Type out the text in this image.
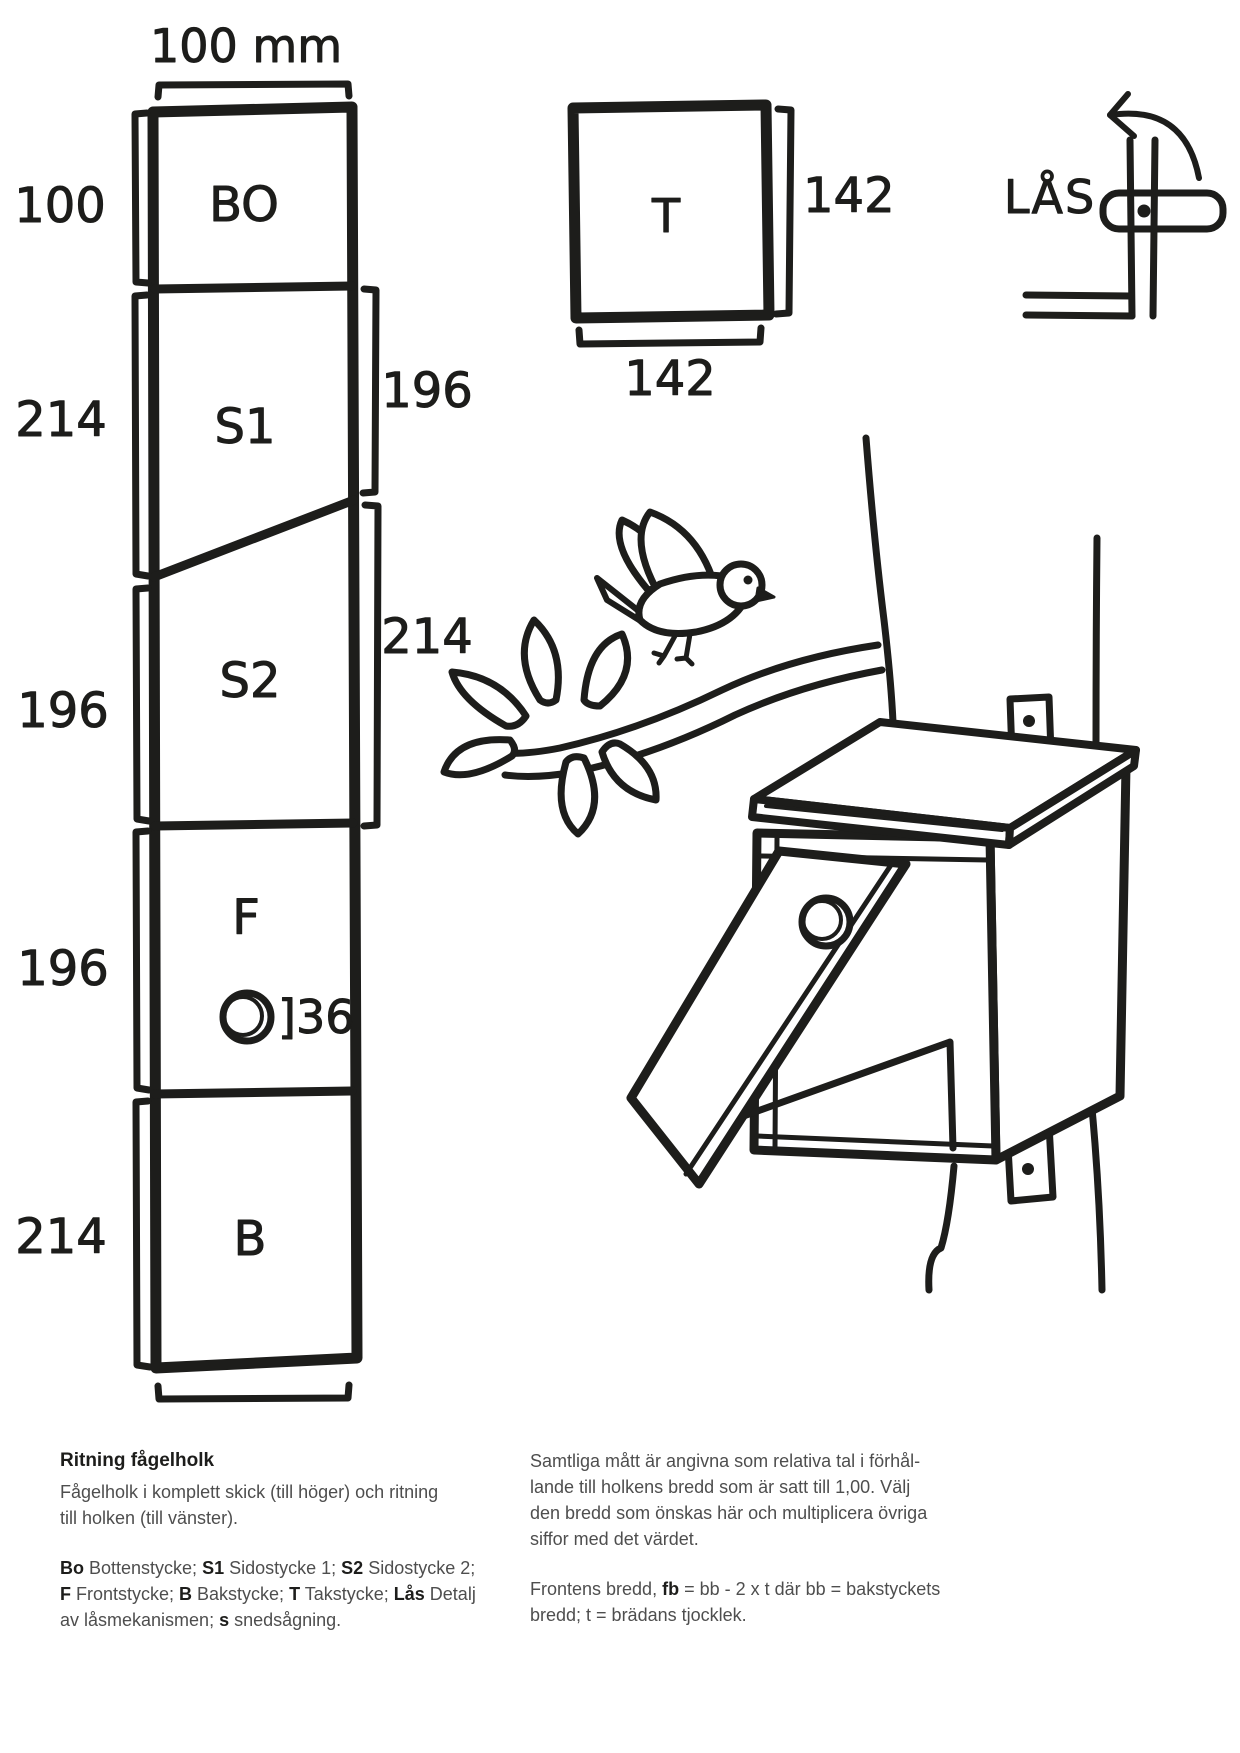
100 mm
BO
S1
S2
F
B
]36
100
214
196
196
214
196
214
T	142
142
LÅS
Ritning fågelholk
Fågelholk i komplett skick (till höger) och ritning
till holken (till vänster).
Bo Bottenstycke; S1 Sidostycke 1; S2 Sidostycke 2;
F Frontstycke; B Bakstycke; T Takstycke; Lås Detalj
av låsmekanismen; s snedsågning.
Samtliga mått är angivna som relativa tal i förhål-
lande till holkens bredd som är satt till 1,00. Välj
den bredd som önskas här och multiplicera övriga
siffor med det värdet.
Frontens bredd, fb = bb - 2 x t där bb = bakstyckets
bredd; t = brädans tjocklek.
